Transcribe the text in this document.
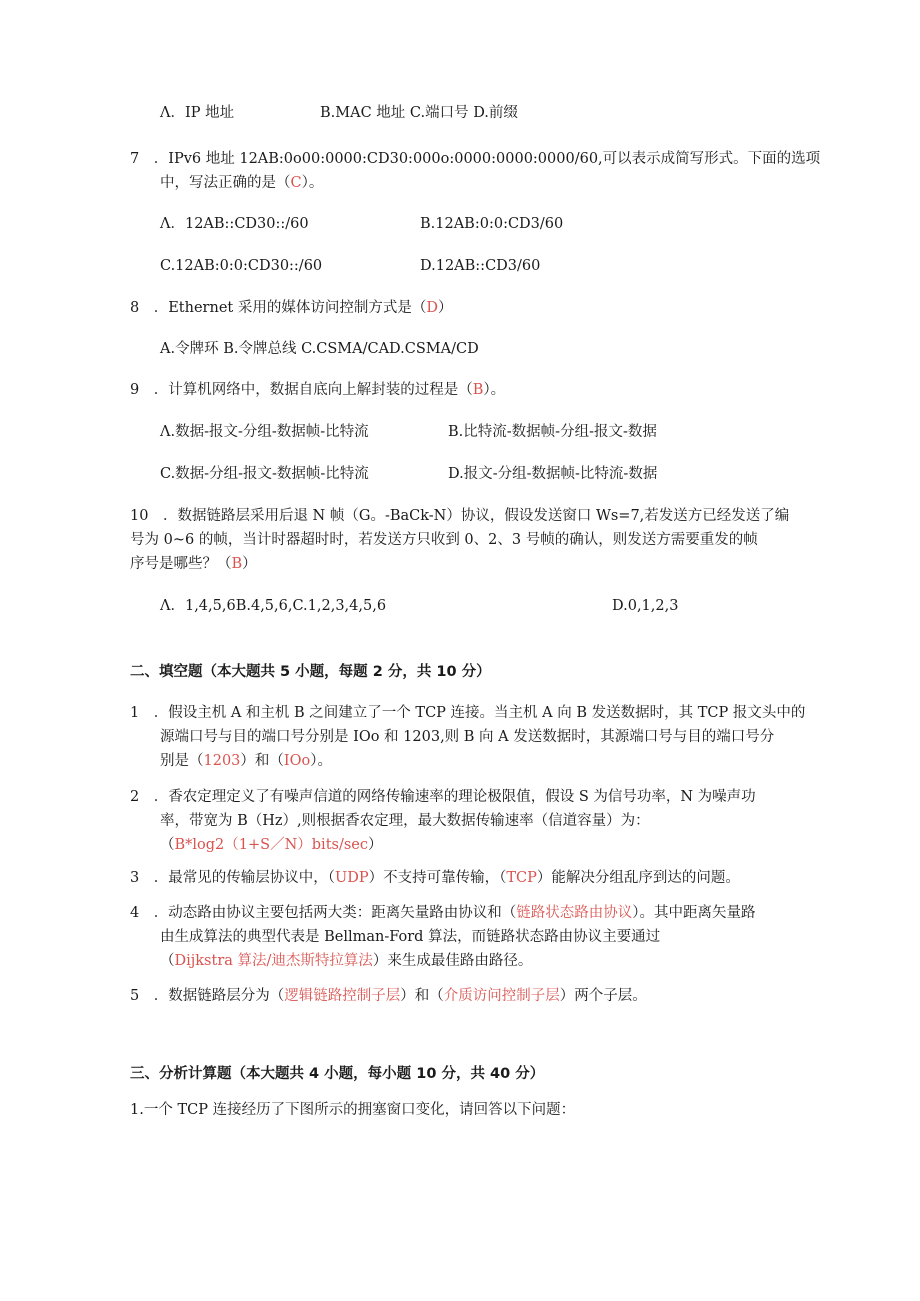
Λ．IP 地址	B.MAC 地址 C.端口号 D.前缀
7　．IPv6 地址 12AB:0o00:0000:CD30:000o:0000:0000:0000/60,可以表示成简写形式。下面的选项
中，写法正确的是（C）。
Λ．12AB::CD30::/60	B.12AB:0:0:CD3/60
C.12AB:0:0:CD30::/60	D.12AB::CD3/60
8　．Ethernet 采用的媒体访问控制方式是（D）
A.令牌环 B.令牌总线 C.CSMA/CAD.CSMA/CD
9　．计算机网络中，数据自底向上解封装的过程是（B）。
Λ.数据-报文-分组-数据帧-比特流	B.比特流-数据帧-分组-报文-数据
C.数据-分组-报文-数据帧-比特流	D.报文-分组-数据帧-比特流-数据
10　．数据链路层采用后退 N 帧（G。-BaCk-N）协议，假设发送窗口 Ws=7,若发送方已经发送了编
号为 0~6 的帧，当计时器超时时，若发送方只收到 0、2、3 号帧的确认，则发送方需要重发的帧
序号是哪些？（B）
Λ．1,4,5,6B.4,5,6,C.1,2,3,4,5,6	D.0,1,2,3
二、填空题（本大题共 5 小题，每题 2 分，共 10 分）
1　．假设主机 A 和主机 B 之间建立了一个 TCP 连接。当主机 A 向 B 发送数据时，其 TCP 报文头中的
源端口号与目的端口号分别是 IOo 和 1203,则 B 向 A 发送数据时，其源端口号与目的端口号分
别是（1203）和（IOo）。
2　．香农定理定义了有噪声信道的网络传输速率的理论极限值，假设 S 为信号功率，N 为噪声功
率，带宽为 B（Hz）,则根据香农定理，最大数据传输速率（信道容量）为：
（B*log2（1+S／N）bits/sec）
3　．最常见的传输层协议中，（UDP）不支持可靠传输，（TCP）能解决分组乱序到达的问题。
4　．动态路由协议主要包括两大类：距离矢量路由协议和（链路状态路由协议）。其中距离矢量路
由生成算法的典型代表是 Bellman-Ford 算法，而链路状态路由协议主要通过
（Dijkstra 算法/迪杰斯特拉算法）来生成最佳路由路径。
5　．数据链路层分为（逻辑链路控制子层）和（介质访问控制子层）两个子层。
三、分析计算题（本大题共 4 小题，每小题 10 分，共 40 分）
1.一个 TCP 连接经历了下图所示的拥塞窗口变化，请回答以下问题：
